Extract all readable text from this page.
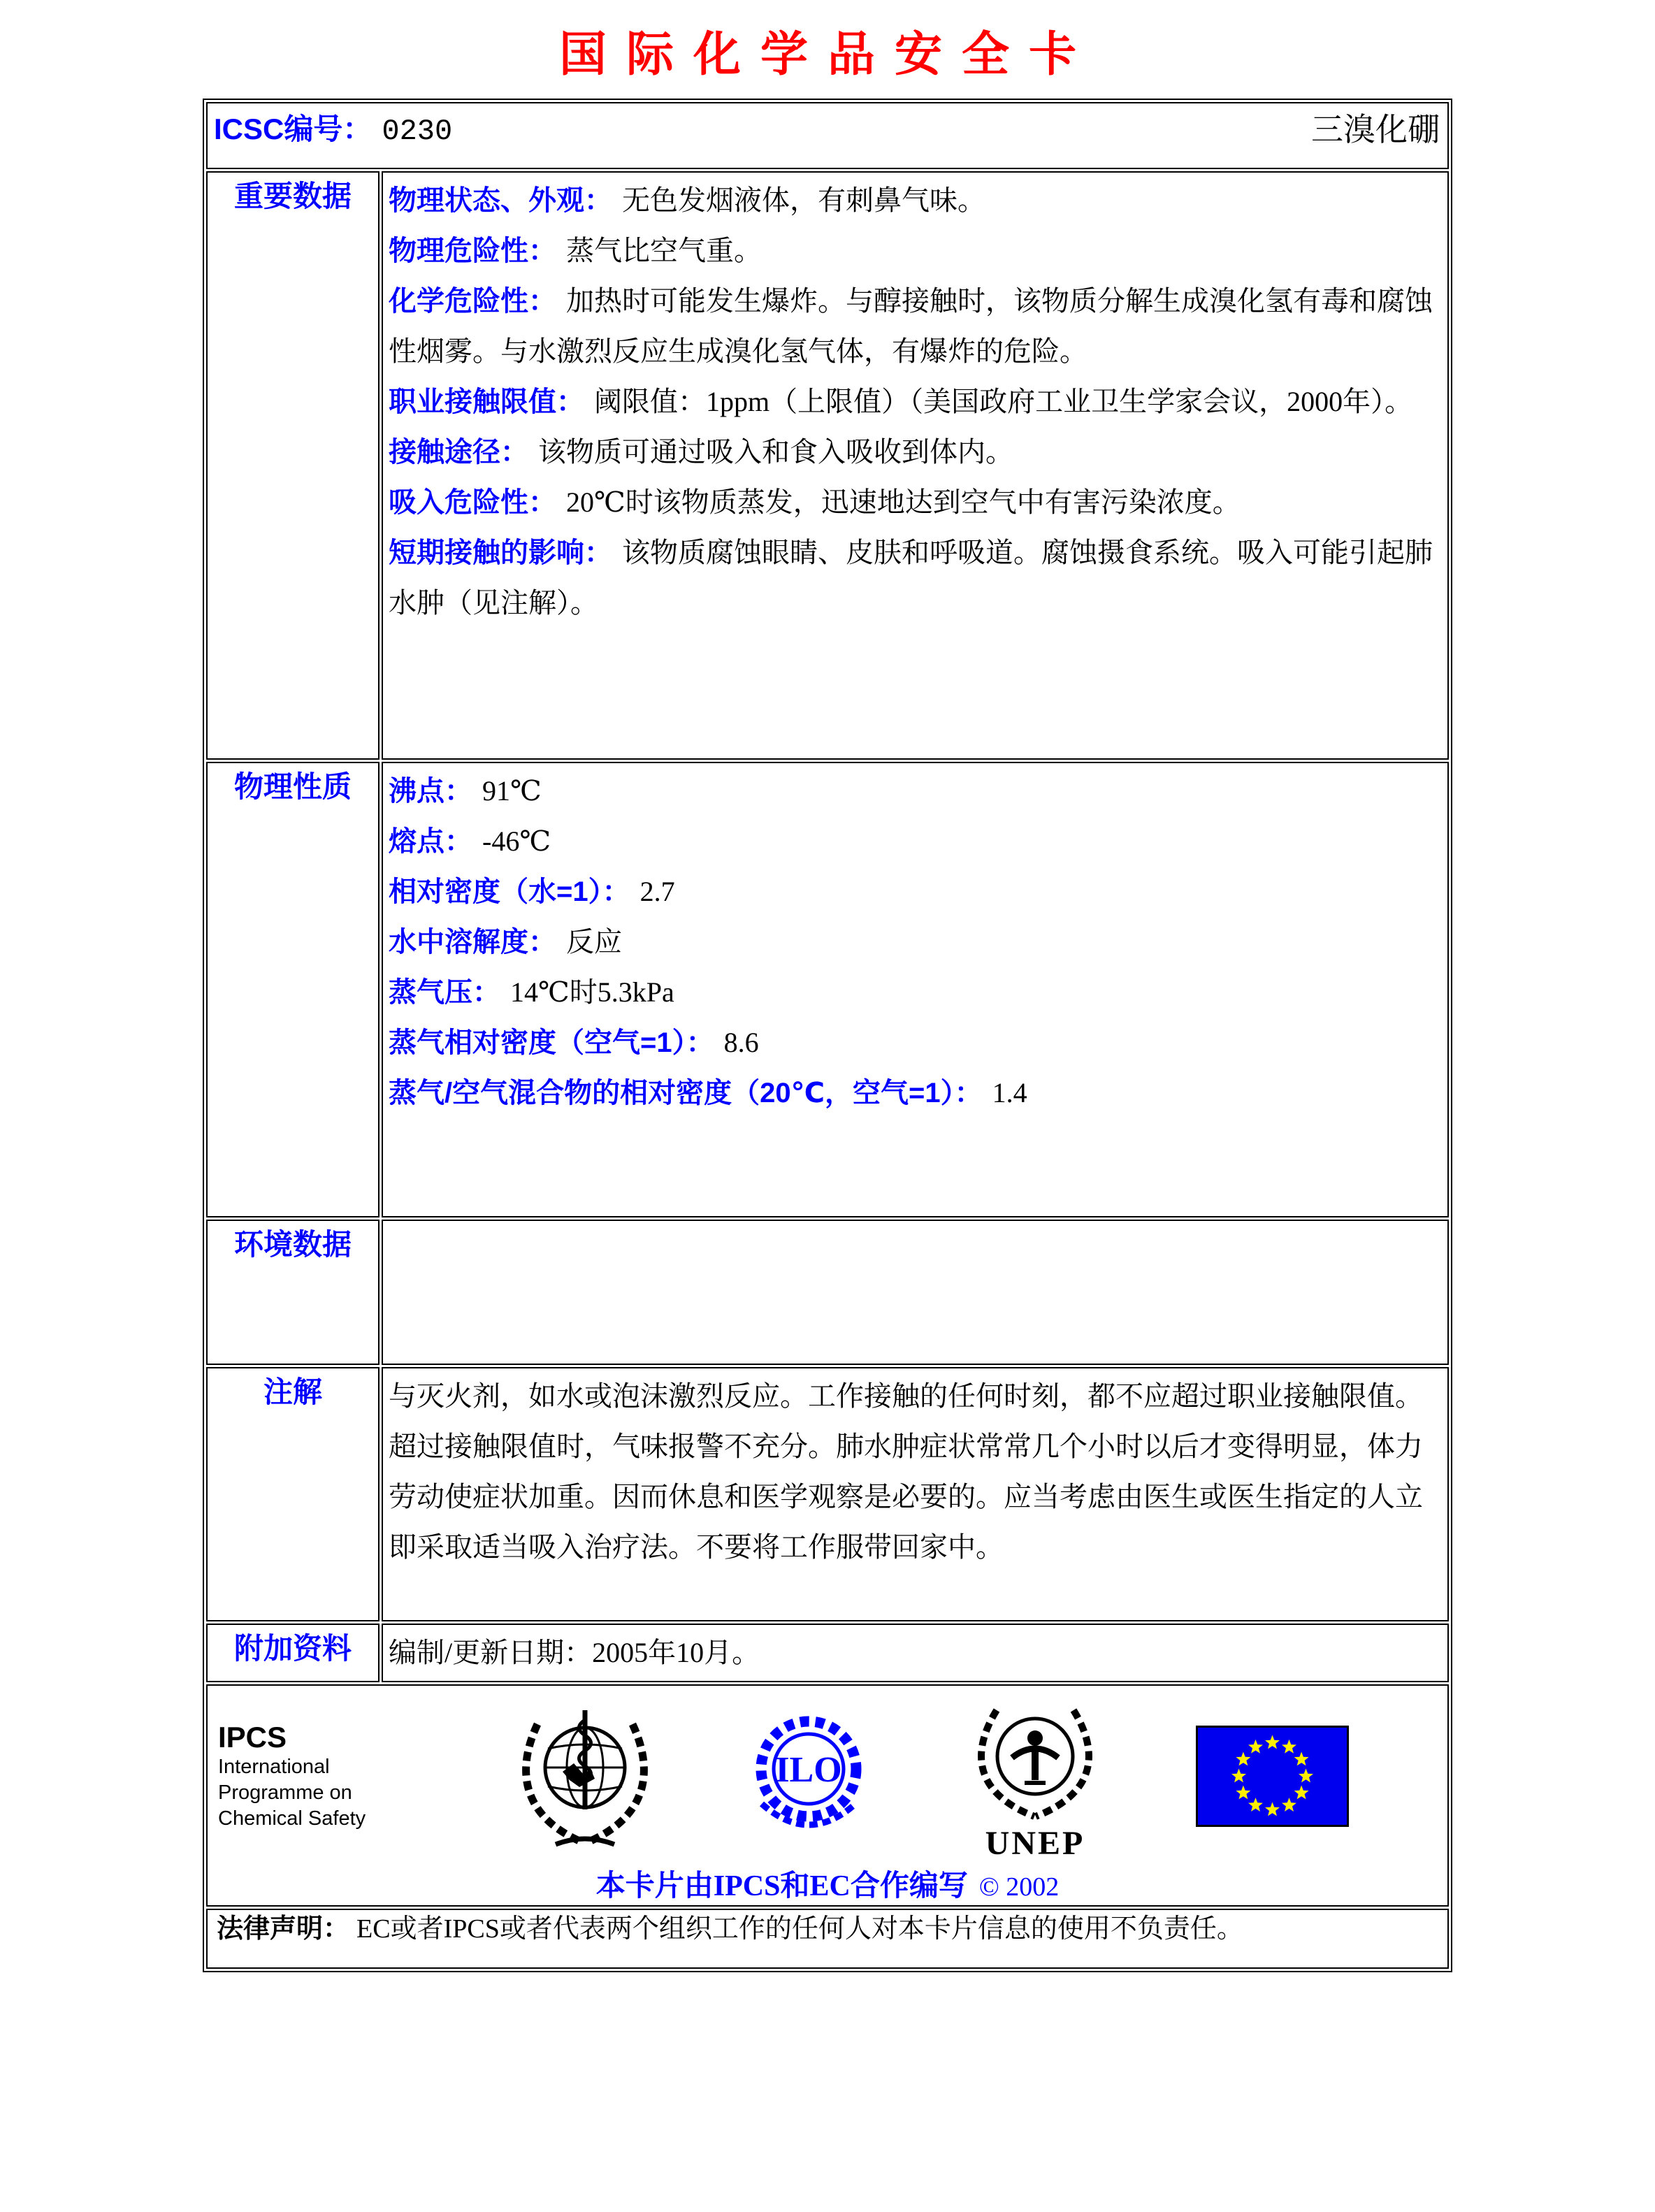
国际化学品安全卡
ICSC编号： 0230 三溴化硼	

重要数据	物理状态、外观： 无色发烟液体，有刺鼻气味。

物理危险性： 蒸气比空气重。

化学危险性： 加热时可能发生爆炸。与醇接触时，该物质分解生成溴化氢有毒和腐蚀性烟雾。与水激烈反应生成溴化氢气体，有爆炸的危险。

职业接触限值： 阈限值：1ppm（上限值）（美国政府工业卫生学家会议，2000年）。

接触途径： 该物质可通过吸入和食入吸收到体内。

吸入危险性： 20℃时该物质蒸发，迅速地达到空气中有害污染浓度。

短期接触的影响： 该物质腐蚀眼睛、皮肤和呼吸道。腐蚀摄食系统。吸入可能引起肺水肿（见注解）。

物理性质	沸点： 91℃

熔点： -46℃

相对密度（水=1）： 2.7

水中溶解度： 反应

蒸气压： 14℃时5.3kPa

蒸气相对密度（空气=1）： 8.6

蒸气/空气混合物的相对密度（20℃，空气=1）： 1.4

环境数据	
注解	与灭火剂，如水或泡沫激烈反应。工作接触的任何时刻，都不应超过职业接触限值。超过接触限值时，气味报警不充分。肺水肿症状常常几个小时以后才变得明显，体力劳动使症状加重。因而休息和医学观察是必要的。应当考虑由医生或医生指定的人立即采取适当吸入治疗法。不要将工作服带回家中。

附加资料	编制/更新日期：2005年10月。

IPCS
International
Programme on
Chemical Safety
ILO
UNEP
本卡片由IPCS和EC合作编写 © 2002

法律声明： EC或者IPCS或者代表两个组织工作的任何人对本卡片信息的使用不负责任。	
